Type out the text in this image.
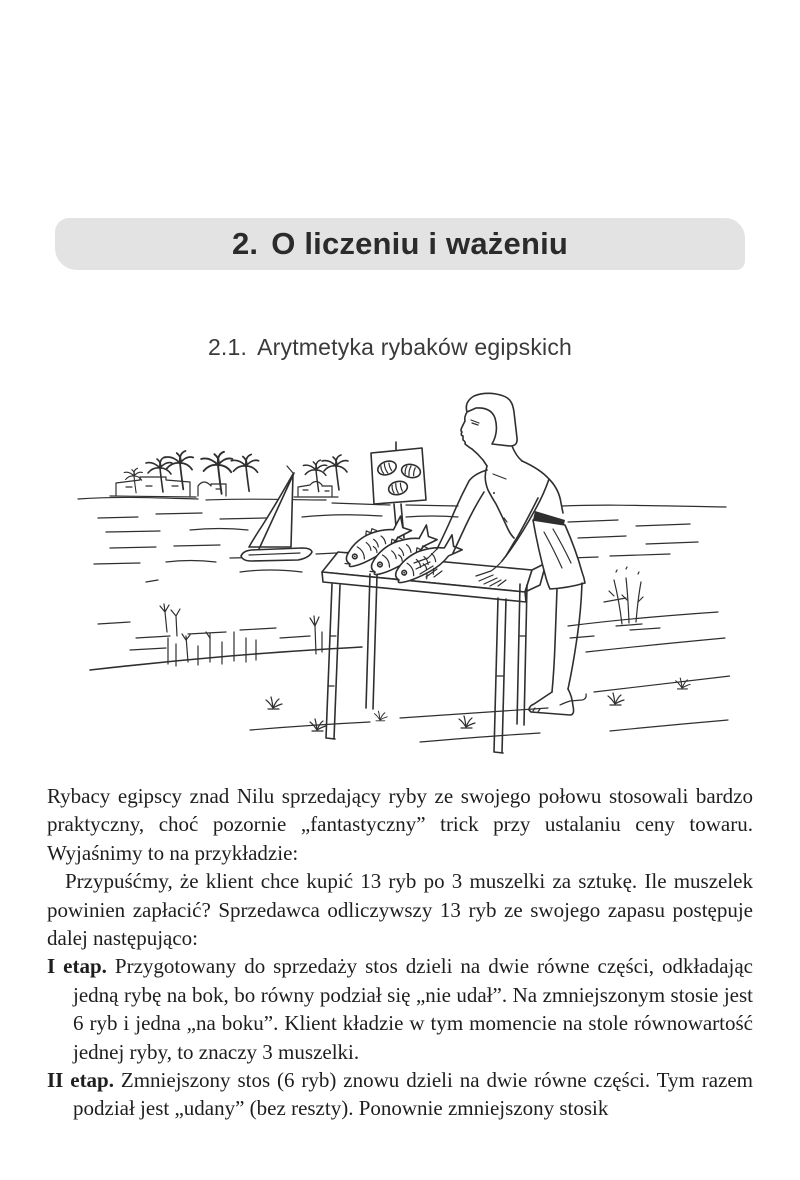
2. O liczeniu i ważeniu
2.1. Arytmetyka rybaków egipskich

Rybacy egipscy znad Nilu sprzedający ryby ze swojego połowu stosowali bardzo praktyczny, choć pozornie „fantastyczny” trick przy ustalaniu ceny towaru. Wyjaśnimy to na przykładzie:

Przypuśćmy, że klient chce kupić 13 ryb po 3 muszelki za sztukę. Ile muszelek powinien zapłacić? Sprzedawca odliczywszy 13 ryb ze swojego zapasu postępuje dalej następująco:

I etap. Przygotowany do sprzedaży stos dzieli na dwie równe części, odkładając jedną rybę na bok, bo równy podział się „nie udał”. Na zmniejszonym stosie jest 6 ryb i jedna „na boku”. Klient kładzie w tym momencie na stole równowartość jednej ryby, to znaczy 3 muszelki.

II etap. Zmniejszony stos (6 ryb) znowu dzieli na dwie równe części. Tym razem podział jest „udany” (bez reszty). Ponownie zmniejszony stosik
